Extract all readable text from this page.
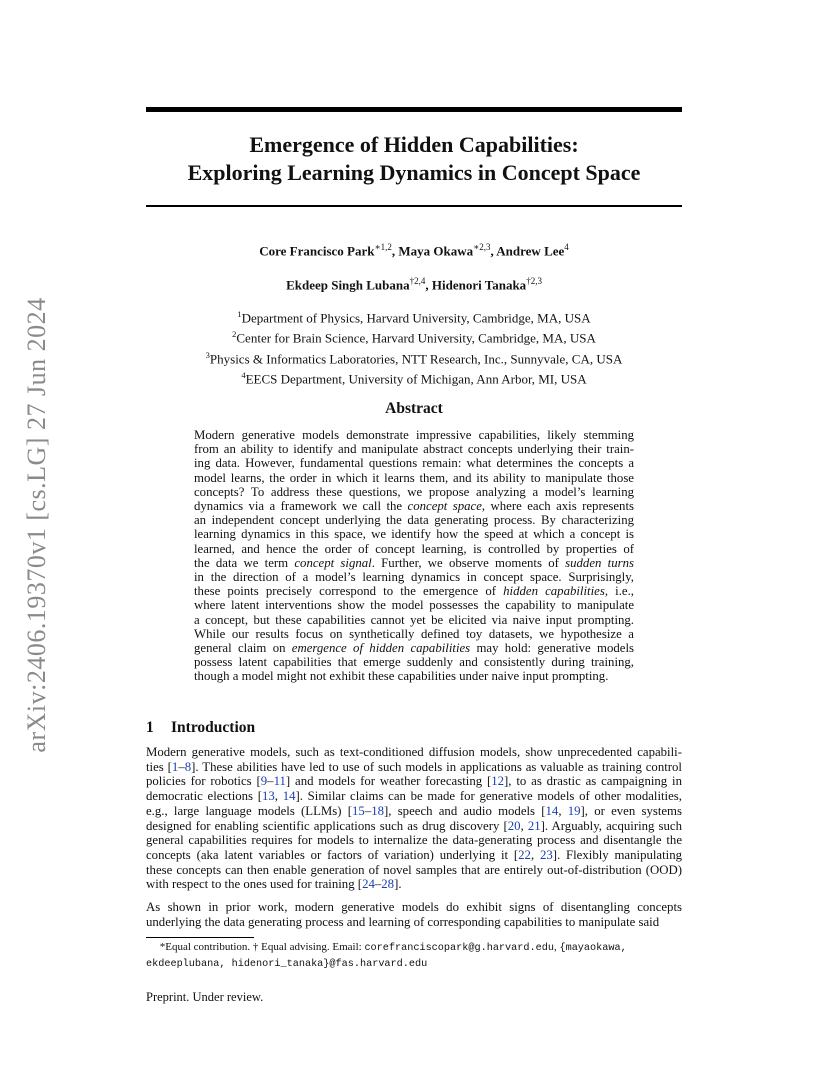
arXiv:2406.19370v1 [cs.LG] 27 Jun 2024
Emergence of Hidden Capabilities:
Exploring Learning Dynamics in Concept Space
Core Francisco Park$^{∗1,2}$, Maya Okawa$^{∗2,3}$, Andrew Lee$^4$
Ekdeep Singh Lubana$^{\dagger 2,4}$, Hidenori Tanaka$^{\dagger 2,3}$
$^1$Department of Physics, Harvard University, Cambridge, MA, USA
$^2$Center for Brain Science, Harvard University, Cambridge, MA, USA
$^3$Physics & Informatics Laboratories, NTT Research, Inc., Sunnyvale, CA, USA
$^4$EECS Department, University of Michigan, Ann Arbor, MI, USA
Abstract
Modern generative models demonstrate impressive capabilities, likely stemming
from an ability to identify and manipulate abstract concepts underlying their train-
ing data. However, fundamental questions remain: what determines the concepts a
model learns, the order in which it learns them, and its ability to manipulate those
concepts? To address these questions, we propose analyzing a model’s learning
dynamics via a framework we call the concept space, where each axis represents
an independent concept underlying the data generating process. By characterizing
learning dynamics in this space, we identify how the speed at which a concept is
learned, and hence the order of concept learning, is controlled by properties of
the data we term concept signal. Further, we observe moments of sudden turns
in the direction of a model’s learning dynamics in concept space. Surprisingly,
these points precisely correspond to the emergence of hidden capabilities, i.e.,
where latent interventions show the model possesses the capability to manipulate
a concept, but these capabilities cannot yet be elicited via naive input prompting.
While our results focus on synthetically defined toy datasets, we hypothesize a
general claim on emergence of hidden capabilities may hold: generative models
possess latent capabilities that emerge suddenly and consistently during training,
though a model might not exhibit these capabilities under naive input prompting.
1 Introduction
Modern generative models, such as text-conditioned diffusion models, show unprecedented capabili-
ties [1–8]. These abilities have led to use of such models in applications as valuable as training control
policies for robotics [9–11] and models for weather forecasting [12], to as drastic as campaigning in
democratic elections [13, 14]. Similar claims can be made for generative models of other modalities,
e.g., large language models (LLMs) [15–18], speech and audio models [14, 19], or even systems
designed for enabling scientific applications such as drug discovery [20, 21]. Arguably, acquiring such
general capabilities requires for models to internalize the data-generating process and disentangle the
concepts (aka latent variables or factors of variation) underlying it [22, 23]. Flexibly manipulating
these concepts can then enable generation of novel samples that are entirely out-of-distribution (OOD)
with respect to the ones used for training [24–28].
As shown in prior work, modern generative models do exhibit signs of disentangling concepts
underlying the data generating process and learning of corresponding capabilities to manipulate said
*Equal contribution. † Equal advising. Email: corefranciscopark@g.harvard.edu, {mayaokawa,
ekdeeplubana, hidenori_tanaka}@fas.harvard.edu
Preprint. Under review.
